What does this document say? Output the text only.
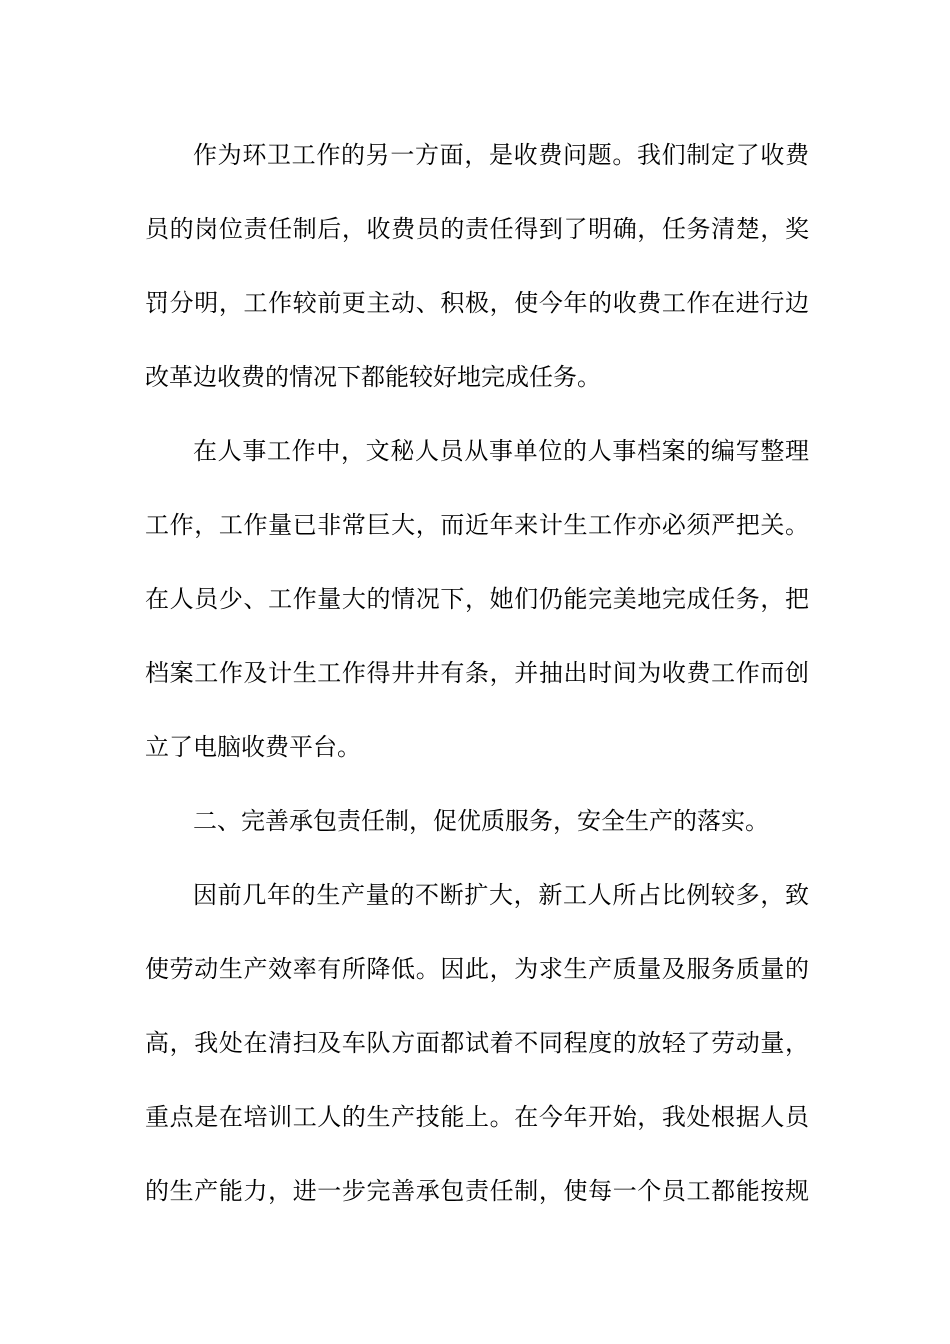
作为环卫工作的另一方面，是收费问题。我们制定了收费
员的岗位责任制后，收费员的责任得到了明确，任务清楚，奖
罚分明，工作较前更主动、积极，使今年的收费工作在进行边
改革边收费的情况下都能较好地完成任务。
在人事工作中，文秘人员从事单位的人事档案的编写整理
工作，工作量已非常巨大，而近年来计生工作亦必须严把关。
在人员少、工作量大的情况下，她们仍能完美地完成任务，把
档案工作及计生工作得井井有条，并抽出时间为收费工作而创
立了电脑收费平台。
二、完善承包责任制，促优质服务，安全生产的落实。
因前几年的生产量的不断扩大，新工人所占比例较多，致
使劳动生产效率有所降低。因此，为求生产质量及服务质量的
高，我处在清扫及车队方面都试着不同程度的放轻了劳动量，
重点是在培训工人的生产技能上。在今年开始，我处根据人员
的生产能力，进一步完善承包责任制，使每一个员工都能按规
